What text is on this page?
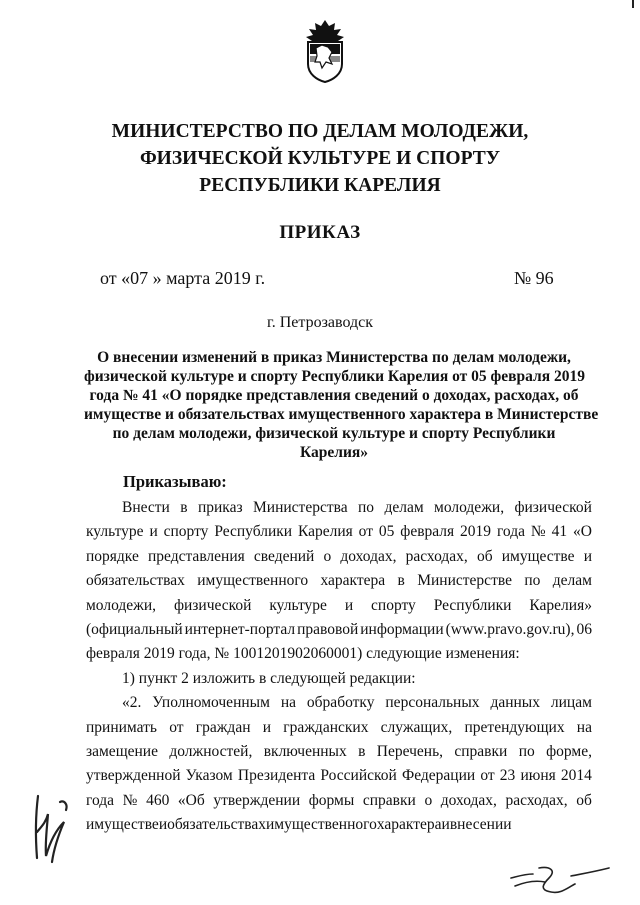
МИНИСТЕРСТВО ПО ДЕЛАМ МОЛОДЕЖИ,
ФИЗИЧЕСКОЙ КУЛЬТУРЕ И СПОРТУ
РЕСПУБЛИКИ КАРЕЛИЯ
ПРИКАЗ
от «07 » марта 2019 г.	№ 96
г. Петрозаводск
О внесении изменений в приказ Министерства по делам молодежи,
физической культуре и спорту Республики Карелия от 05 февраля 2019
года № 41 «О порядке представления сведений о доходах, расходах, об
имуществе и обязательствах имущественного характера в Министерстве
по делам молодежи, физической культуре и спорту Республики
Карелия»
Приказываю:
Внести в приказ Министерства по делам молодежи, физической
культуре и спорту Республики Карелия от 05 февраля 2019 года № 41 «О
порядке представления сведений о доходах, расходах, об имуществе и
обязательствах имущественного характера в Министерстве по делам
молодежи, физической культуре и спорту Республики Карелия»
(официальный интернет-портал правовой информации (www.pravo.gov.ru), 06
февраля 2019 года, № 1001201902060001) следующие изменения:
1) пункт 2 изложить в следующей редакции:
«2. Уполномоченным на обработку персональных данных лицам
принимать от граждан и гражданских служащих, претендующих на
замещение должностей, включенных в Перечень, справки по форме,
утвержденной Указом Президента Российской Федерации от 23 июня 2014
года № 460 «Об утверждении формы справки о доходах, расходах, об
имуществе и обязательствах имущественного характера и внесении
